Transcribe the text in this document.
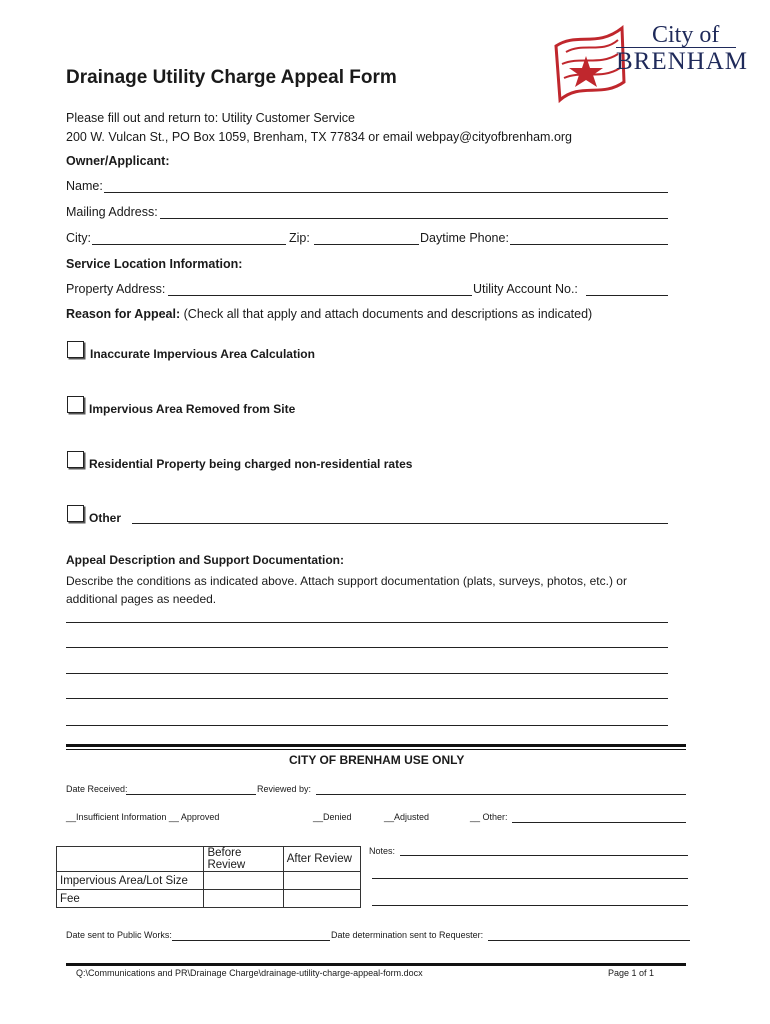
City of
BRENHAM
Drainage Utility Charge Appeal Form
Please fill out and return to: Utility Customer Service
200 W. Vulcan St., PO Box 1059, Brenham, TX 77834 or email webpay@cityofbrenham.org
Owner/Applicant:
Name:
Mailing Address:
City:	Zip:	Daytime Phone:
Service Location Information:
Property Address:	Utility Account No.:
Reason for Appeal: (Check all that apply and attach documents and descriptions as indicated)
Inaccurate Impervious Area Calculation
Impervious Area Removed from Site
Residential Property being charged non-residential rates
Other
Appeal Description and Support Documentation:
Describe the conditions as indicated above. Attach support documentation (plats, surveys, photos, etc.) or
additional pages as needed.
CITY OF BRENHAM USE ONLY
Date Received:	Reviewed by:
__Insufficient Information __ Approved	__Denied	__Adjusted	__ Other:
	Before Review	After Review
Impervious Area/Lot Size		
Fee		
Notes:
Date sent to Public Works:	Date determination sent to Requester:
Q:\Communications and PR\Drainage Charge\drainage-utility-charge-appeal-form.docx	Page 1 of 1
